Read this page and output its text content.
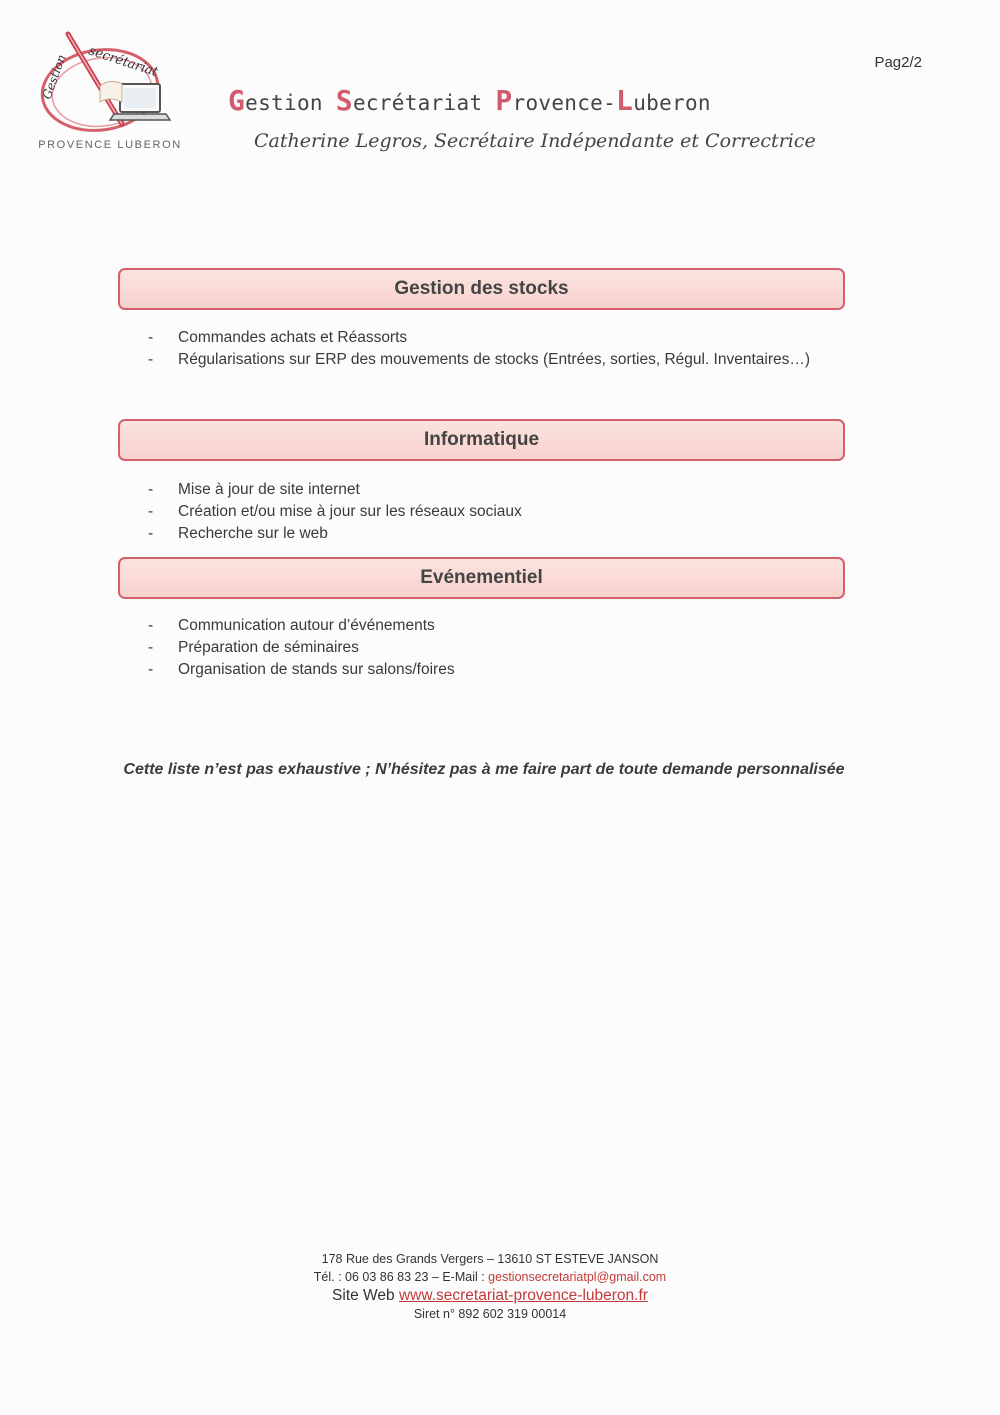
Pag2/2
secrétariat
Gestion
PROVENCE LUBERON
Gestion Secrétariat Provence-Luberon
Catherine Legros, Secrétaire Indépendante et Correctrice
Gestion des stocks
- Commandes achats et Réassorts
- Régularisations sur ERP des mouvements de stocks (Entrées, sorties, Régul. Inventaires…)
Informatique
- Mise à jour de site internet
- Création et/ou mise à jour sur les réseaux sociaux
- Recherche sur le web
Evénementiel
- Communication autour d’événements
- Préparation de séminaires
- Organisation de stands sur salons/foires
Cette liste n’est pas exhaustive ; N’hésitez pas à me faire part de toute demande personnalisée
178 Rue des Grands Vergers – 13610 ST ESTEVE JANSON
Tél. : 06 03 86 83 23 – E-Mail : gestionsecretariatpl@gmail.com
Site Web www.secretariat-provence-luberon.fr
Siret n° 892 602 319 00014
